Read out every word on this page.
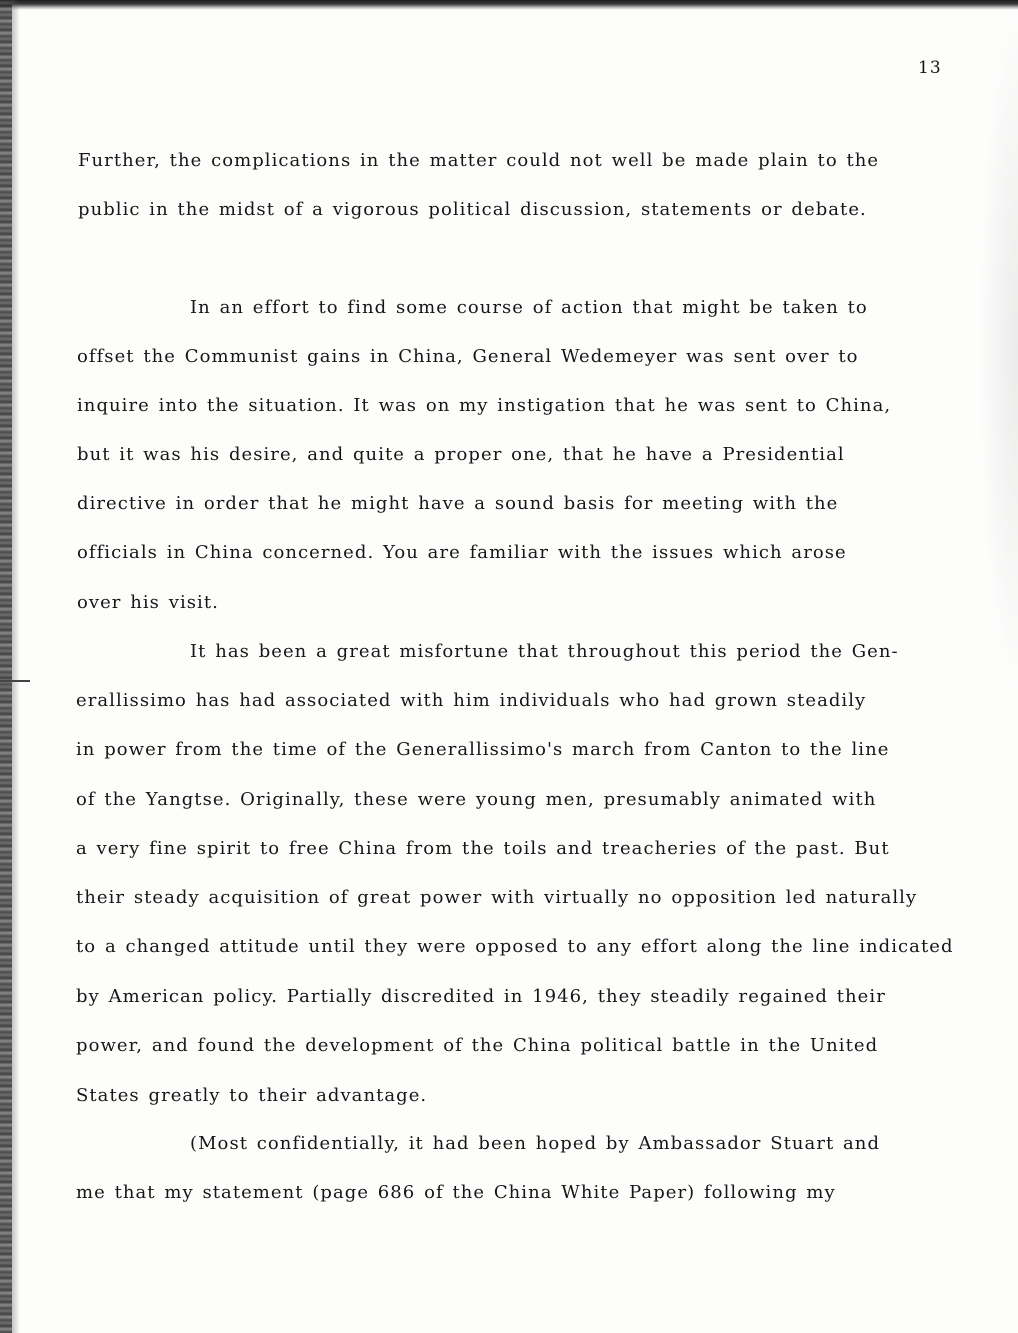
13
Further, the complications in the matter could not well be made plain to the
public in the midst of a vigorous political discussion, statements or debate.
In an effort to find some course of action that might be taken to
offset the Communist gains in China, General Wedemeyer was sent over to
inquire into the situation. It was on my instigation that he was sent to China,
but it was his desire, and quite a proper one, that he have a Presidential
directive in order that he might have a sound basis for meeting with the
officials in China concerned. You are familiar with the issues which arose
over his visit.
It has been a great misfortune that throughout this period the Gen-
erallissimo has had associated with him individuals who had grown steadily
in power from the time of the Generallissimo's march from Canton to the line
of the Yangtse. Originally, these were young men, presumably animated with
a very fine spirit to free China from the toils and treacheries of the past. But
their steady acquisition of great power with virtually no opposition led naturally
to a changed attitude until they were opposed to any effort along the line indicated
by American policy. Partially discredited in 1946, they steadily regained their
power, and found the development of the China political battle in the United
States greatly to their advantage.
(Most confidentially, it had been hoped by Ambassador Stuart and
me that my statement (page 686 of the China White Paper) following my
